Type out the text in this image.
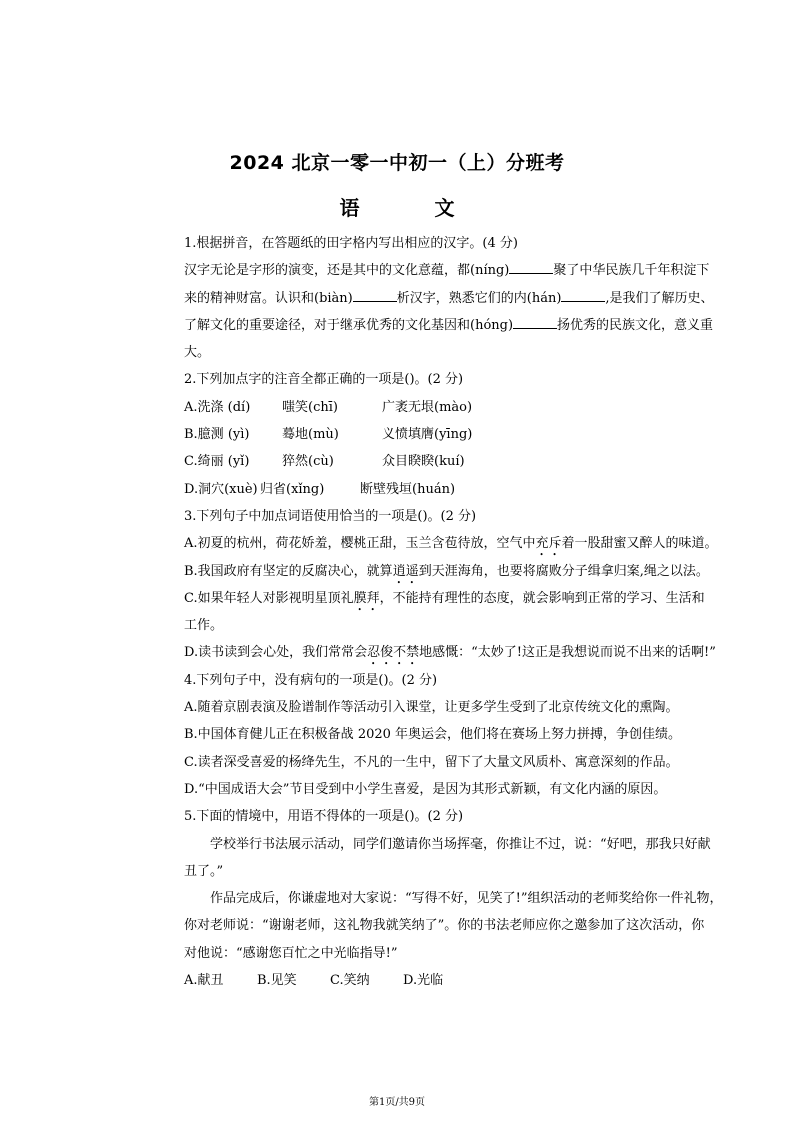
2024 北京一零一中初一（上）分班考
语 文
1.根据拼音，在答题纸的田字格内写出相应的汉字。(4 分)
汉字无论是字形的演变，还是其中的文化意蕴，都(níng)	聚了中华民族几千年积淀下
来的精神财富。认识和(biàn)	析汉字，熟悉它们的内(hán)	,是我们了解历史、
了解文化的重要途径，对于继承优秀的文化基因和(hóng)	扬优秀的民族文化，意义重
大。
2.下列加点字的注音全都正确的一项是()。(2 分)
A.洗涤 (dí) 嗤笑(chī)	广袤无垠(mào)
B.臆测 (yì)	蓦地(mù)	义愤填膺(yīng)
C.绮丽 (yǐ)	猝然(cù)	众目睽睽(kuí)
D.洞穴(xuè) 归省(xǐng)	断壁残垣(huán)
3.下列句子中加点词语使用恰当的一项是()。(2 分)
A.初夏的杭州，荷花娇羞，樱桃正甜，玉兰含苞待放，空气中充斥着一股甜蜜又醉人的味道。
B.我国政府有坚定的反腐决心，就算逍遥到天涯海角，也要将腐败分子缉拿归案,绳之以法。
C.如果年轻人对影视明星顶礼膜拜，不能持有理性的态度，就会影响到正常的学习、生活和
工作。
D.读书读到会心处，我们常常会忍俊不禁地感慨：“太妙了!这正是我想说而说不出来的话啊!”
4.下列句子中，没有病句的一项是()。(2 分)
A.随着京剧表演及脸谱制作等活动引入课堂，让更多学生受到了北京传统文化的熏陶。
B.中国体育健儿正在积极备战 2020 年奥运会，他们将在赛场上努力拼搏，争创佳绩。
C.读者深受喜爱的杨绛先生，不凡的一生中，留下了大量文风质朴、寓意深刻的作品。
D.“中国成语大会”节目受到中小学生喜爱，是因为其形式新颖，有文化内涵的原因。
5.下面的情境中，用语不得体的一项是()。(2 分)
学校举行书法展示活动，同学们邀请你当场挥毫，你推让不过，说：“好吧，那我只好献
丑了。”
作品完成后，你谦虚地对大家说：“写得不好，见笑了!”组织活动的老师奖给你一件礼物，
你对老师说：“谢谢老师，这礼物我就笑纳了”。你的书法老师应你之邀参加了这次活动，你
对他说：“感谢您百忙之中光临指导!”
A.献丑	B.见笑	C.笑纳	D.光临

第1页/共9页
